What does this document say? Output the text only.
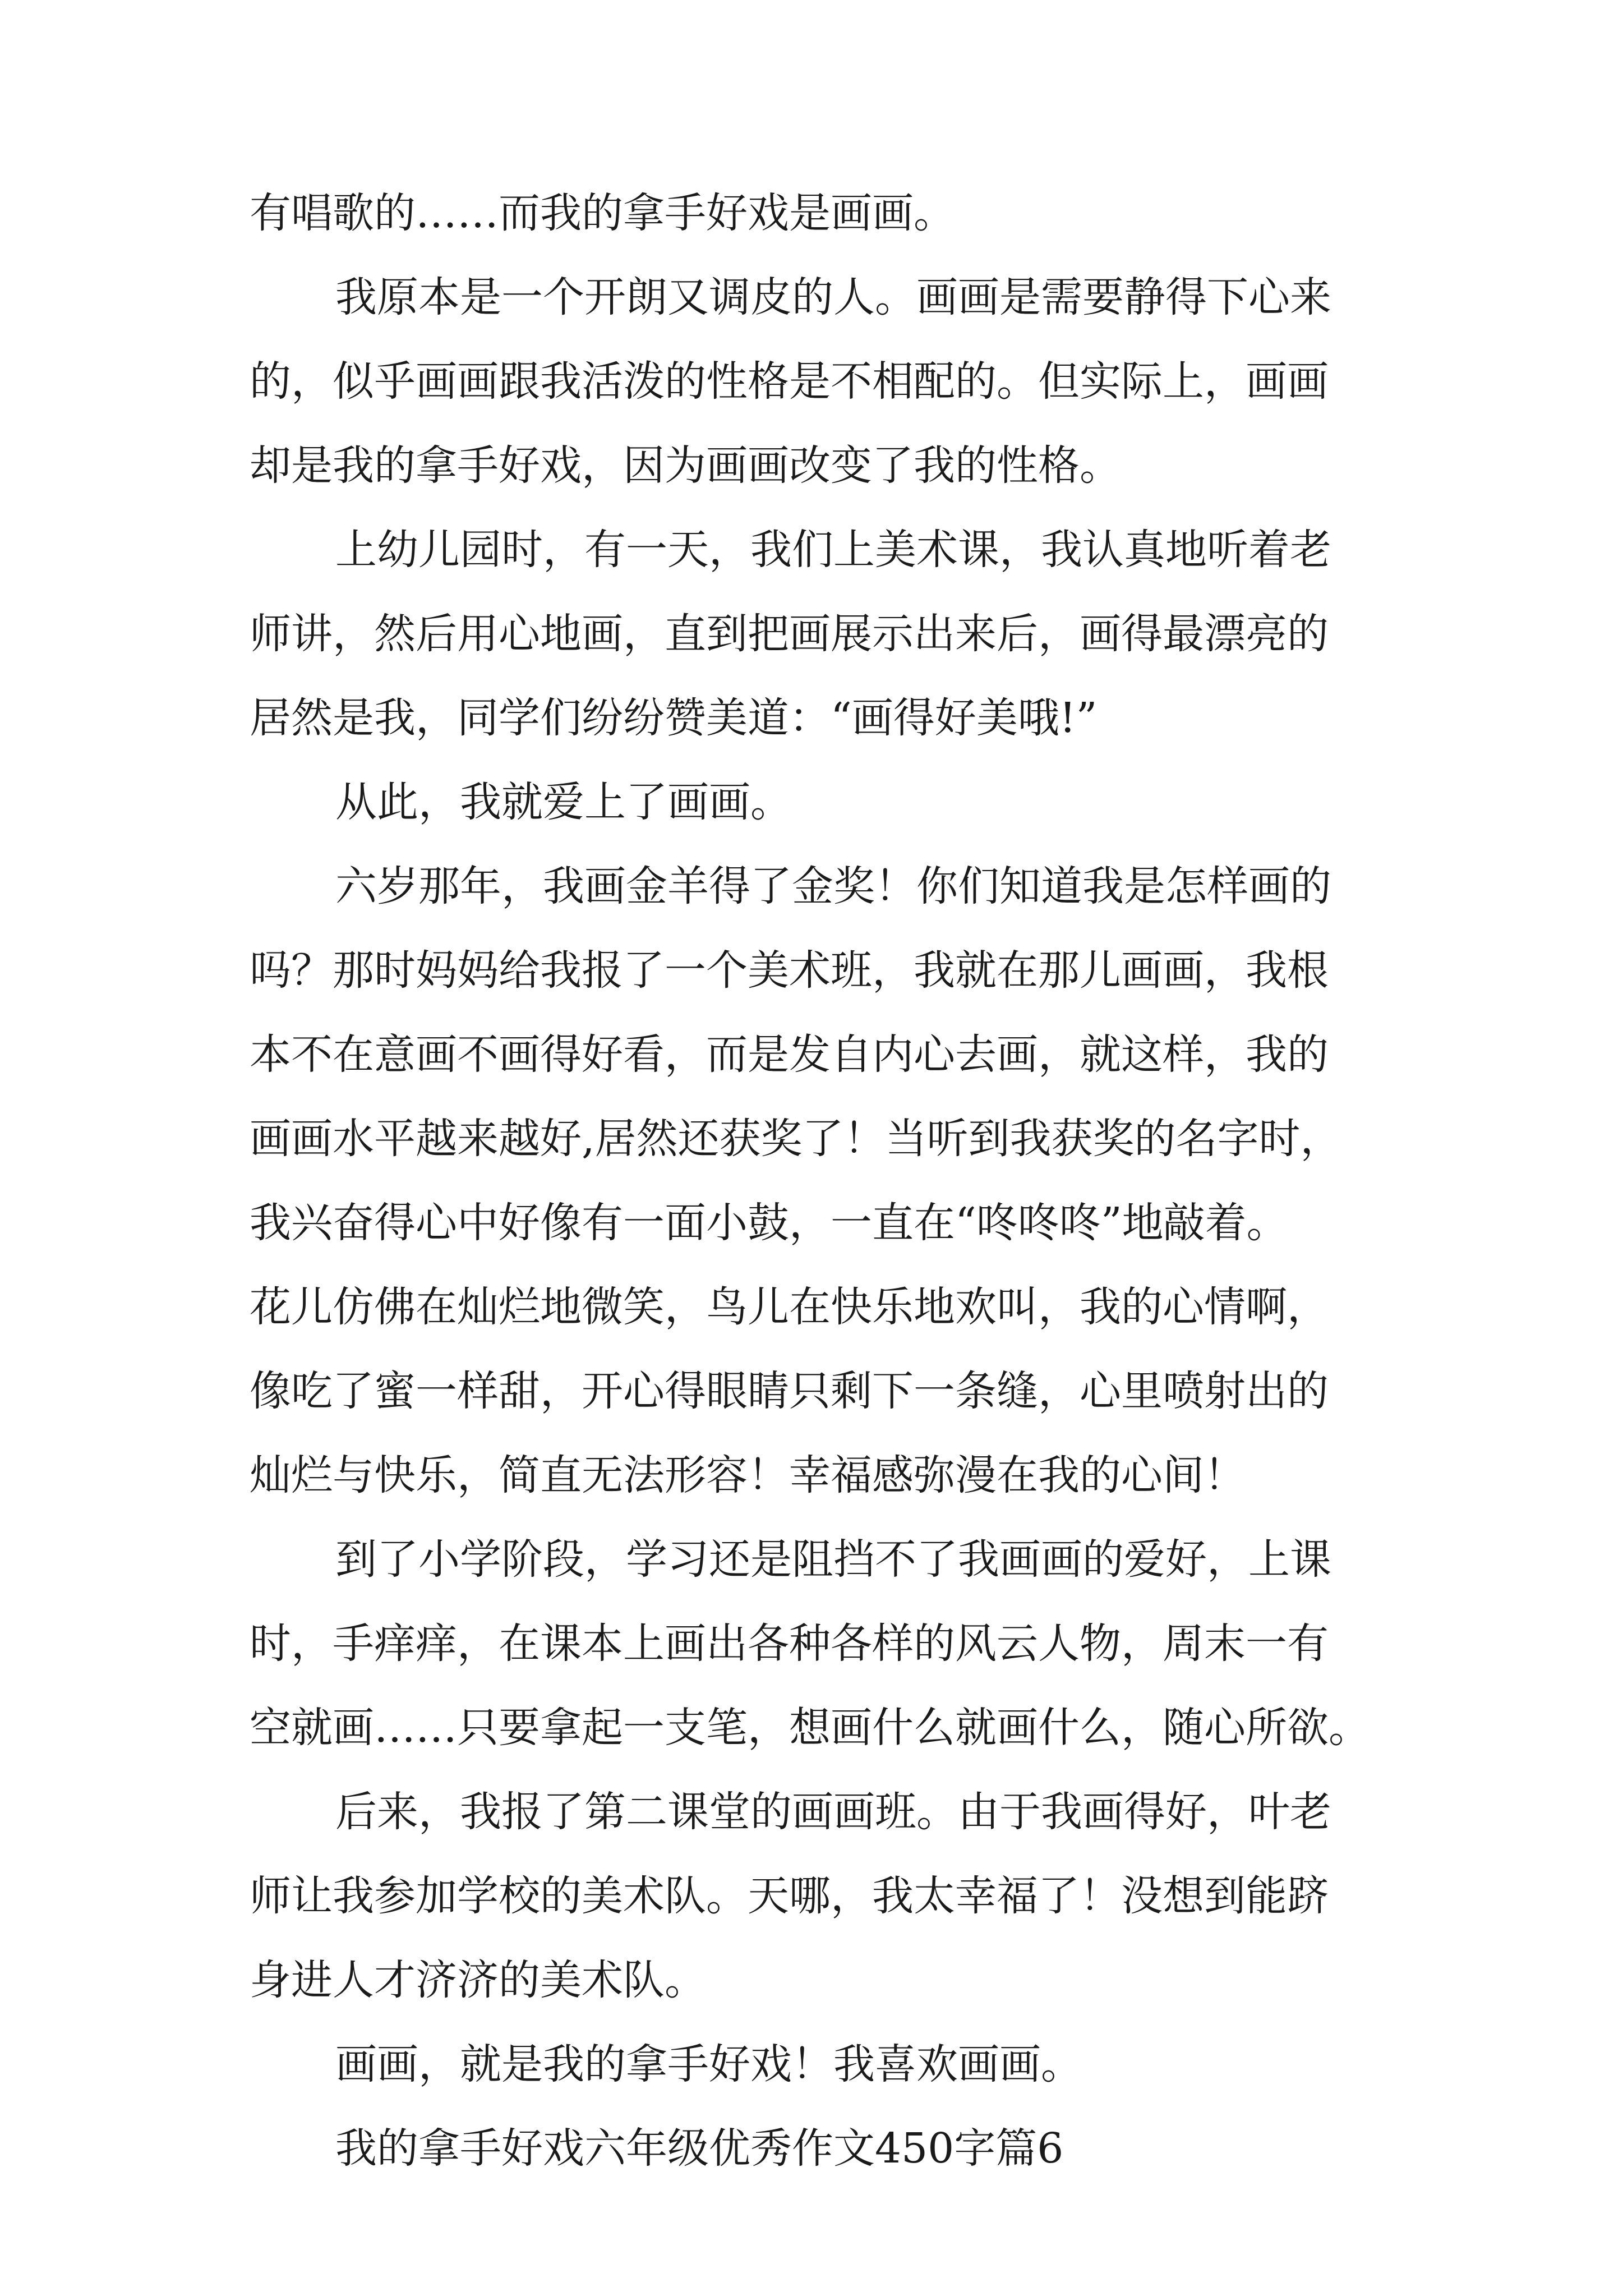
有唱歌的……而我的拿手好戏是画画。
我原本是一个开朗又调皮的人。画画是需要静得下心来
的，似乎画画跟我活泼的性格是不相配的。但实际上，画画
却是我的拿手好戏，因为画画改变了我的性格。
上幼儿园时，有一天，我们上美术课，我认真地听着老
师讲，然后用心地画，直到把画展示出来后，画得最漂亮的
居然是我，同学们纷纷赞美道：“画得好美哦!”
从此，我就爱上了画画。
六岁那年，我画金羊得了金奖！你们知道我是怎样画的
吗？那时妈妈给我报了一个美术班，我就在那儿画画，我根
本不在意画不画得好看，而是发自内心去画，就这样，我的
画画水平越来越好,居然还获奖了！当听到我获奖的名字时，
我兴奋得心中好像有一面小鼓，一直在“咚咚咚”地敲着。
花儿仿佛在灿烂地微笑，鸟儿在快乐地欢叫，我的心情啊，
像吃了蜜一样甜，开心得眼睛只剩下一条缝，心里喷射出的
灿烂与快乐，简直无法形容！幸福感弥漫在我的心间！
到了小学阶段，学习还是阻挡不了我画画的爱好，上课
时，手痒痒，在课本上画出各种各样的风云人物，周末一有
空就画……只要拿起一支笔，想画什么就画什么，随心所欲。
后来，我报了第二课堂的画画班。由于我画得好，叶老
师让我参加学校的美术队。天哪，我太幸福了！没想到能跻
身进人才济济的美术队。
画画，就是我的拿手好戏！我喜欢画画。
我的拿手好戏六年级优秀作文450字篇6
